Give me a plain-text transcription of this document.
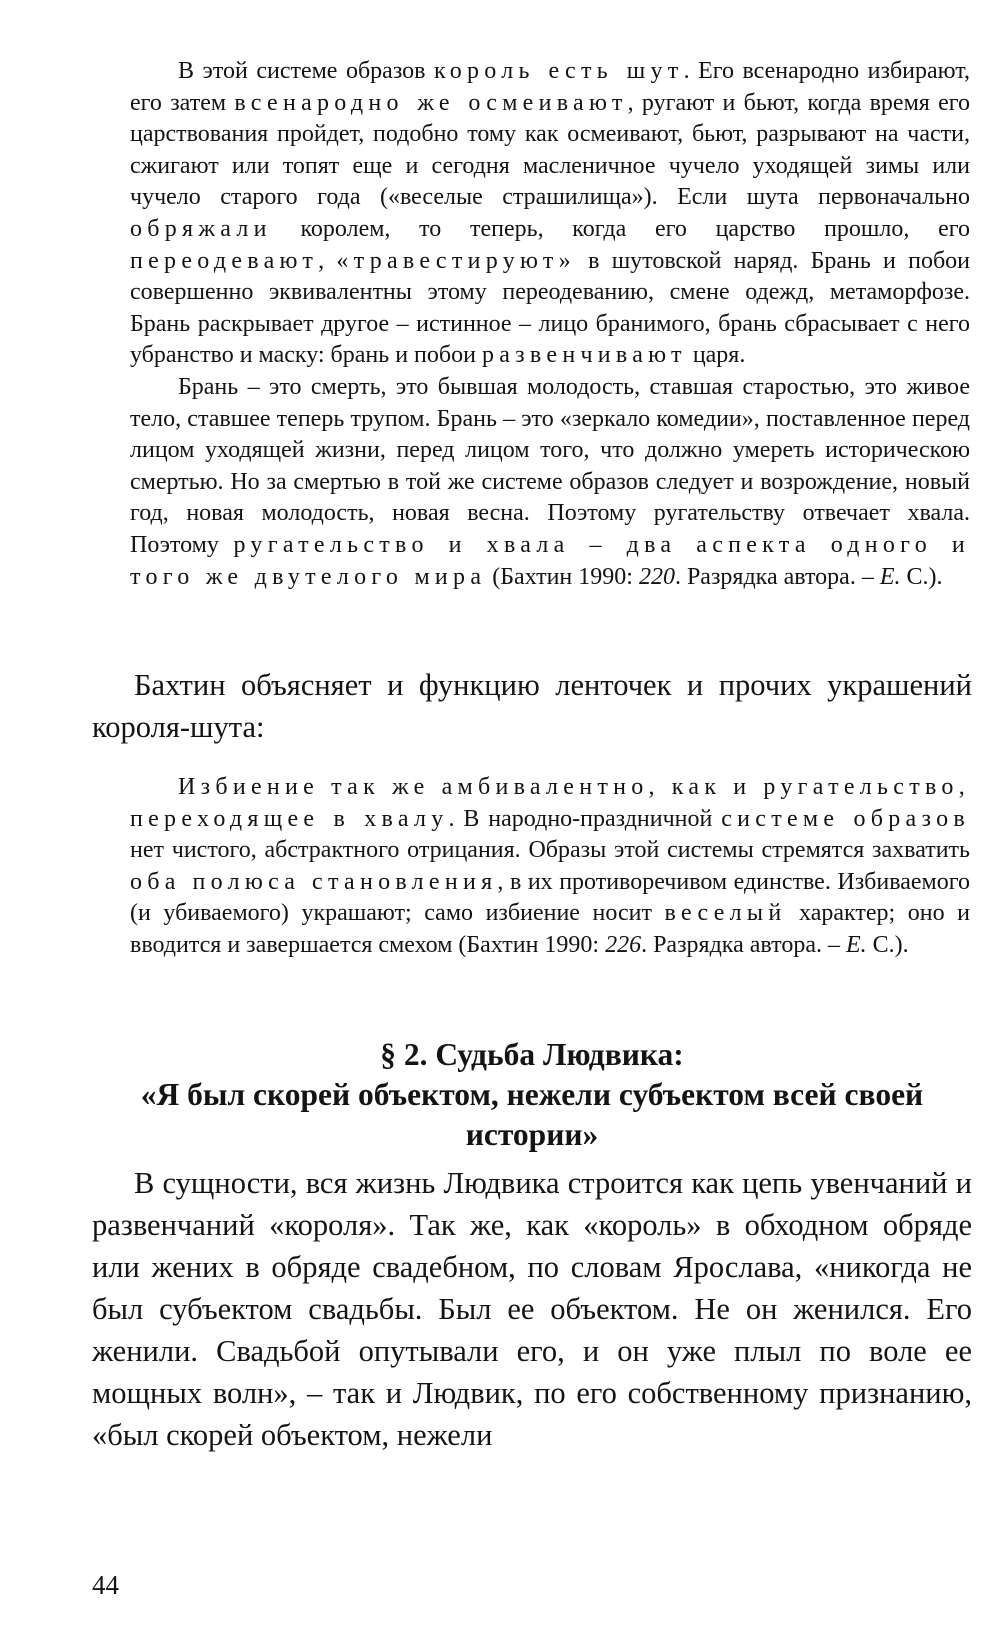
В этой системе образов король есть шут. Его всенародно избирают, его затем всенародно же осмеивают, ругают и бьют, когда время его царствования пройдет, подобно тому как осмеивают, бьют, разрывают на части, сжигают или топят еще и сегодня масленичное чучело уходящей зимы или чучело старого года («веселые страшилища»). Если шута первоначально обряжали королем, то теперь, когда его царство прошло, его переодевают, «травестируют» в шутовской наряд. Брань и побои совершенно эквивалентны этому переодеванию, смене одежд, метаморфозе. Брань раскрывает другое – истинное – лицо бранимого, брань сбрасывает с него убранство и маску: брань и побои развенчивают царя.

Брань – это смерть, это бывшая молодость, ставшая старостью, это живое тело, ставшее теперь трупом. Брань – это «зеркало комедии», поставленное перед лицом уходящей жизни, перед лицом того, что должно умереть историческою смертью. Но за смертью в той же системе образов следует и возрождение, новый год, новая молодость, новая весна. Поэтому ругательству отвечает хвала. Поэтому ругательство и хвала – два аспекта одного и того же двутелого мира (Бахтин 1990: 220. Разрядка автора. – Е. С.).

Бахтин объясняет и функцию ленточек и прочих украшений короля-шута:

Избиение так же амбивалентно, как и ругательство, переходящее в хвалу. В народно-праздничной системе образов нет чистого, абстрактного отрицания. Образы этой системы стремятся захватить оба полюса становления, в их противоречивом единстве. Избиваемого (и убиваемого) украшают; само избиение носит веселый характер; оно и вводится и завершается смехом (Бахтин 1990: 226. Разрядка автора. – Е. С.).

§ 2. Судьба Людвика:
«Я был скорей объектом, нежели субъектом всей своей истории»

В сущности, вся жизнь Людвика строится как цепь увенчаний и развенчаний «короля». Так же, как «король» в обходном обряде или жених в обряде свадебном, по словам Ярослава, «никогда не был субъектом свадьбы. Был ее объектом. Не он женился. Его женили. Свадьбой опутывали его, и он уже плыл по воле ее мощных волн», – так и Людвик, по его собственному признанию, «был скорей объектом, нежели

44
